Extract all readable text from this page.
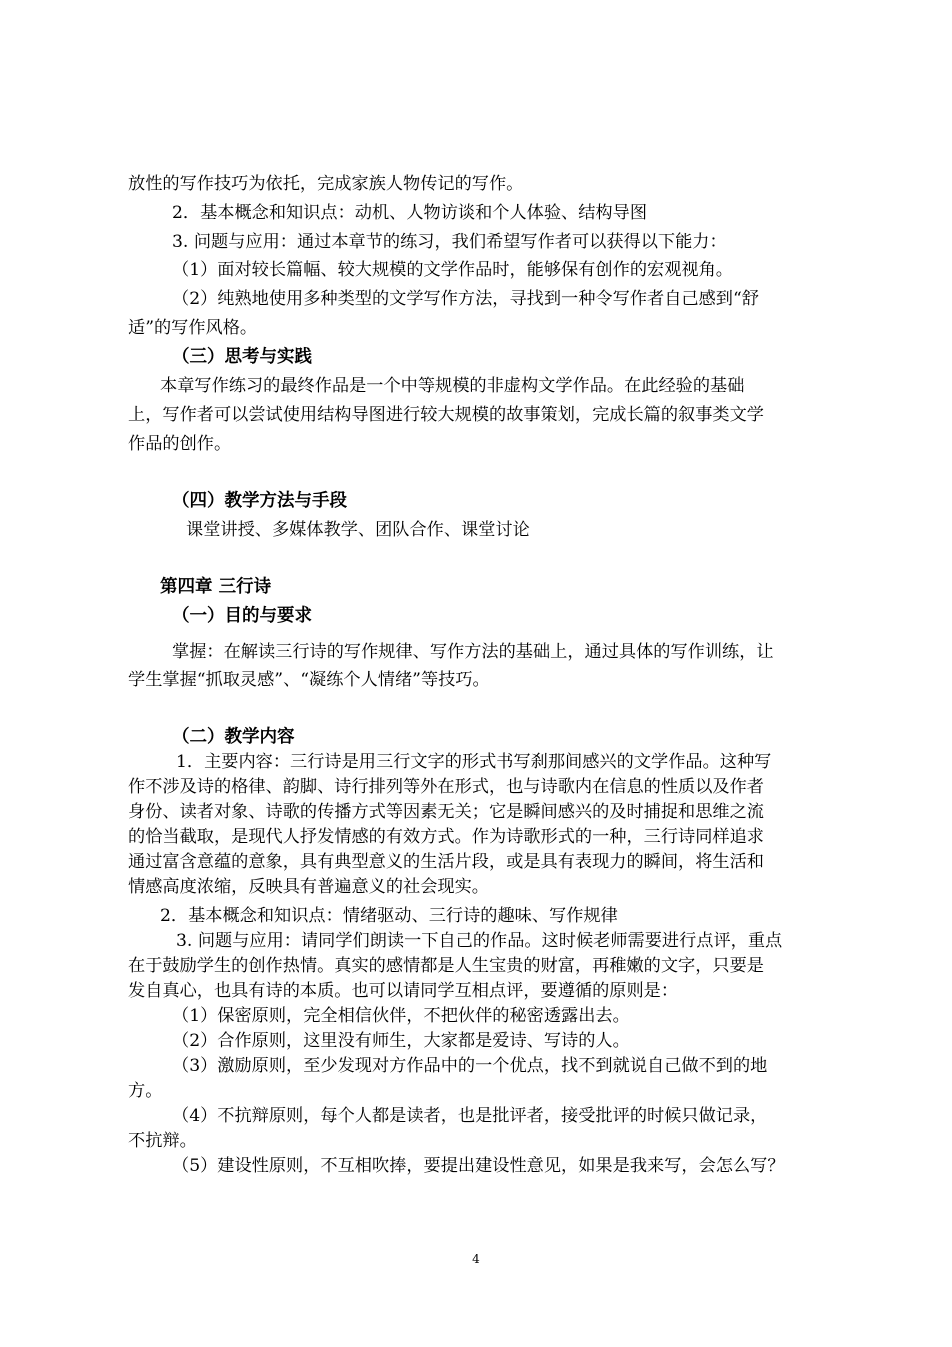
放性的写作技巧为依托，完成家族人物传记的写作。
2．基本概念和知识点：动机、人物访谈和个人体验、结构导图
3. 问题与应用：通过本章节的练习，我们希望写作者可以获得以下能力：
（1）面对较长篇幅、较大规模的文学作品时，能够保有创作的宏观视角。
（2）纯熟地使用多种类型的文学写作方法，寻找到一种令写作者自己感到“舒
适”的写作风格。
（三）思考与实践
本章写作练习的最终作品是一个中等规模的非虚构文学作品。在此经验的基础
上，写作者可以尝试使用结构导图进行较大规模的故事策划，完成长篇的叙事类文学
作品的创作。
（四）教学方法与手段
课堂讲授、多媒体教学、团队合作、课堂讨论
第四章 三行诗
（一）目的与要求
掌握：在解读三行诗的写作规律、写作方法的基础上，通过具体的写作训练，让
学生掌握“抓取灵感”、“凝练个人情绪”等技巧。
（二）教学内容
1．主要内容：三行诗是用三行文字的形式书写刹那间感兴的文学作品。这种写
作不涉及诗的格律、韵脚、诗行排列等外在形式，也与诗歌内在信息的性质以及作者
身份、读者对象、诗歌的传播方式等因素无关；它是瞬间感兴的及时捕捉和思维之流
的恰当截取，是现代人抒发情感的有效方式。作为诗歌形式的一种，三行诗同样追求
通过富含意蕴的意象，具有典型意义的生活片段，或是具有表现力的瞬间，将生活和
情感高度浓缩，反映具有普遍意义的社会现实。
2．基本概念和知识点：情绪驱动、三行诗的趣味、写作规律
3. 问题与应用：请同学们朗读一下自己的作品。这时候老师需要进行点评，重点
在于鼓励学生的创作热情。真实的感情都是人生宝贵的财富，再稚嫩的文字，只要是
发自真心，也具有诗的本质。也可以请同学互相点评，要遵循的原则是：
（1）保密原则，完全相信伙伴，不把伙伴的秘密透露出去。
（2）合作原则，这里没有师生，大家都是爱诗、写诗的人。
（3）激励原则，至少发现对方作品中的一个优点，找不到就说自己做不到的地
方。
（4）不抗辩原则，每个人都是读者，也是批评者，接受批评的时候只做记录，
不抗辩。
（5）建设性原则，不互相吹捧，要提出建设性意见，如果是我来写，会怎么写？
4
